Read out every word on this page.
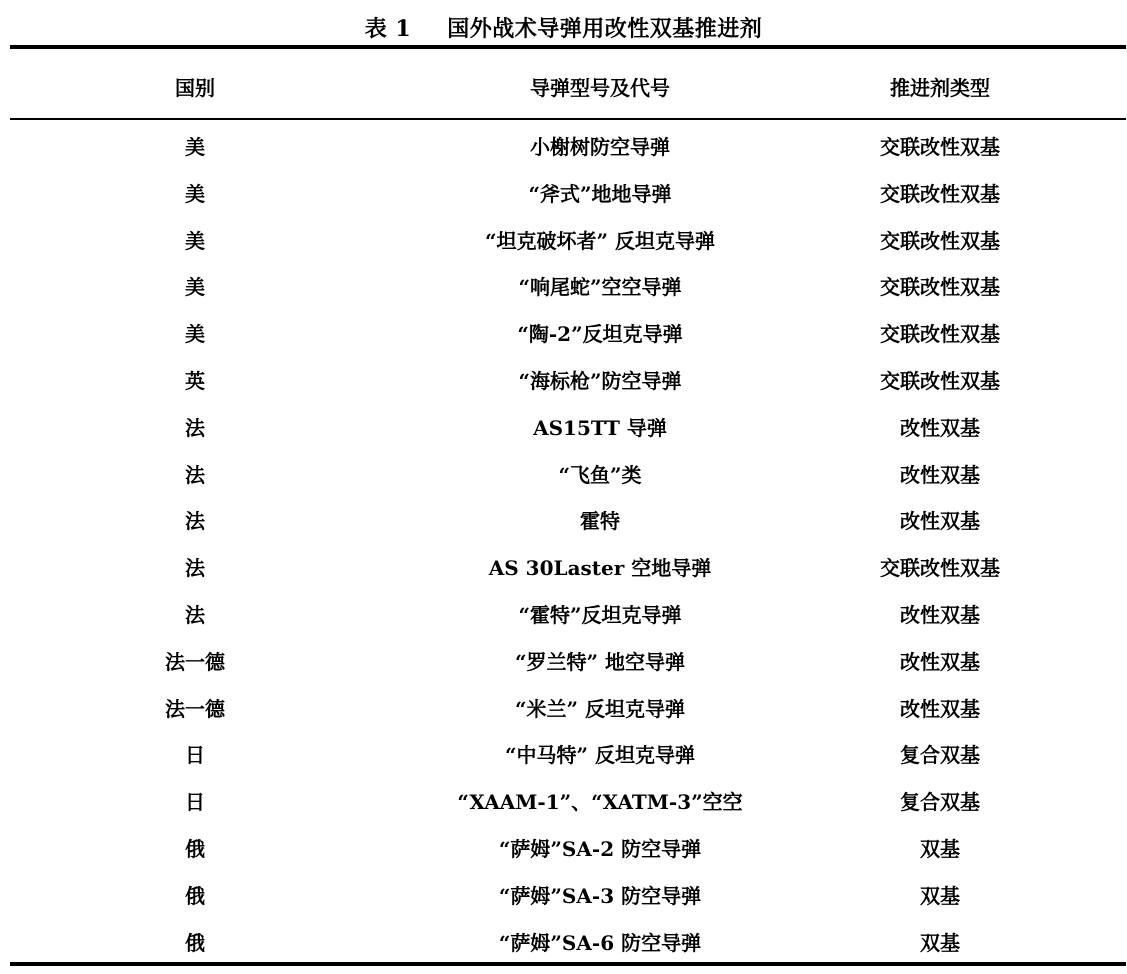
表 1 国外战术导弹用改性双基推进剂
国别	导弹型号及代号	推进剂类型
美	小榭树防空导弹	交联改性双基
美	“斧式”地地导弹	交联改性双基
美	“坦克破坏者” 反坦克导弹	交联改性双基
美	“响尾蛇”空空导弹	交联改性双基
美	“陶-2”反坦克导弹	交联改性双基
英	“海标枪”防空导弹	交联改性双基
法	AS15TT 导弹	改性双基
法	“飞鱼”类	改性双基
法	霍特	改性双基
法	AS 30Laster 空地导弹	交联改性双基
法	“霍特”反坦克导弹	改性双基
法一德	“罗兰特” 地空导弹	改性双基
法一德	“米兰” 反坦克导弹	改性双基
日	“中马特” 反坦克导弹	复合双基
日	“XAAM-1”、“XATM-3”空空	复合双基
俄	“萨姆”SA-2 防空导弹	双基
俄	“萨姆”SA-3 防空导弹	双基
俄	“萨姆”SA-6 防空导弹	双基
